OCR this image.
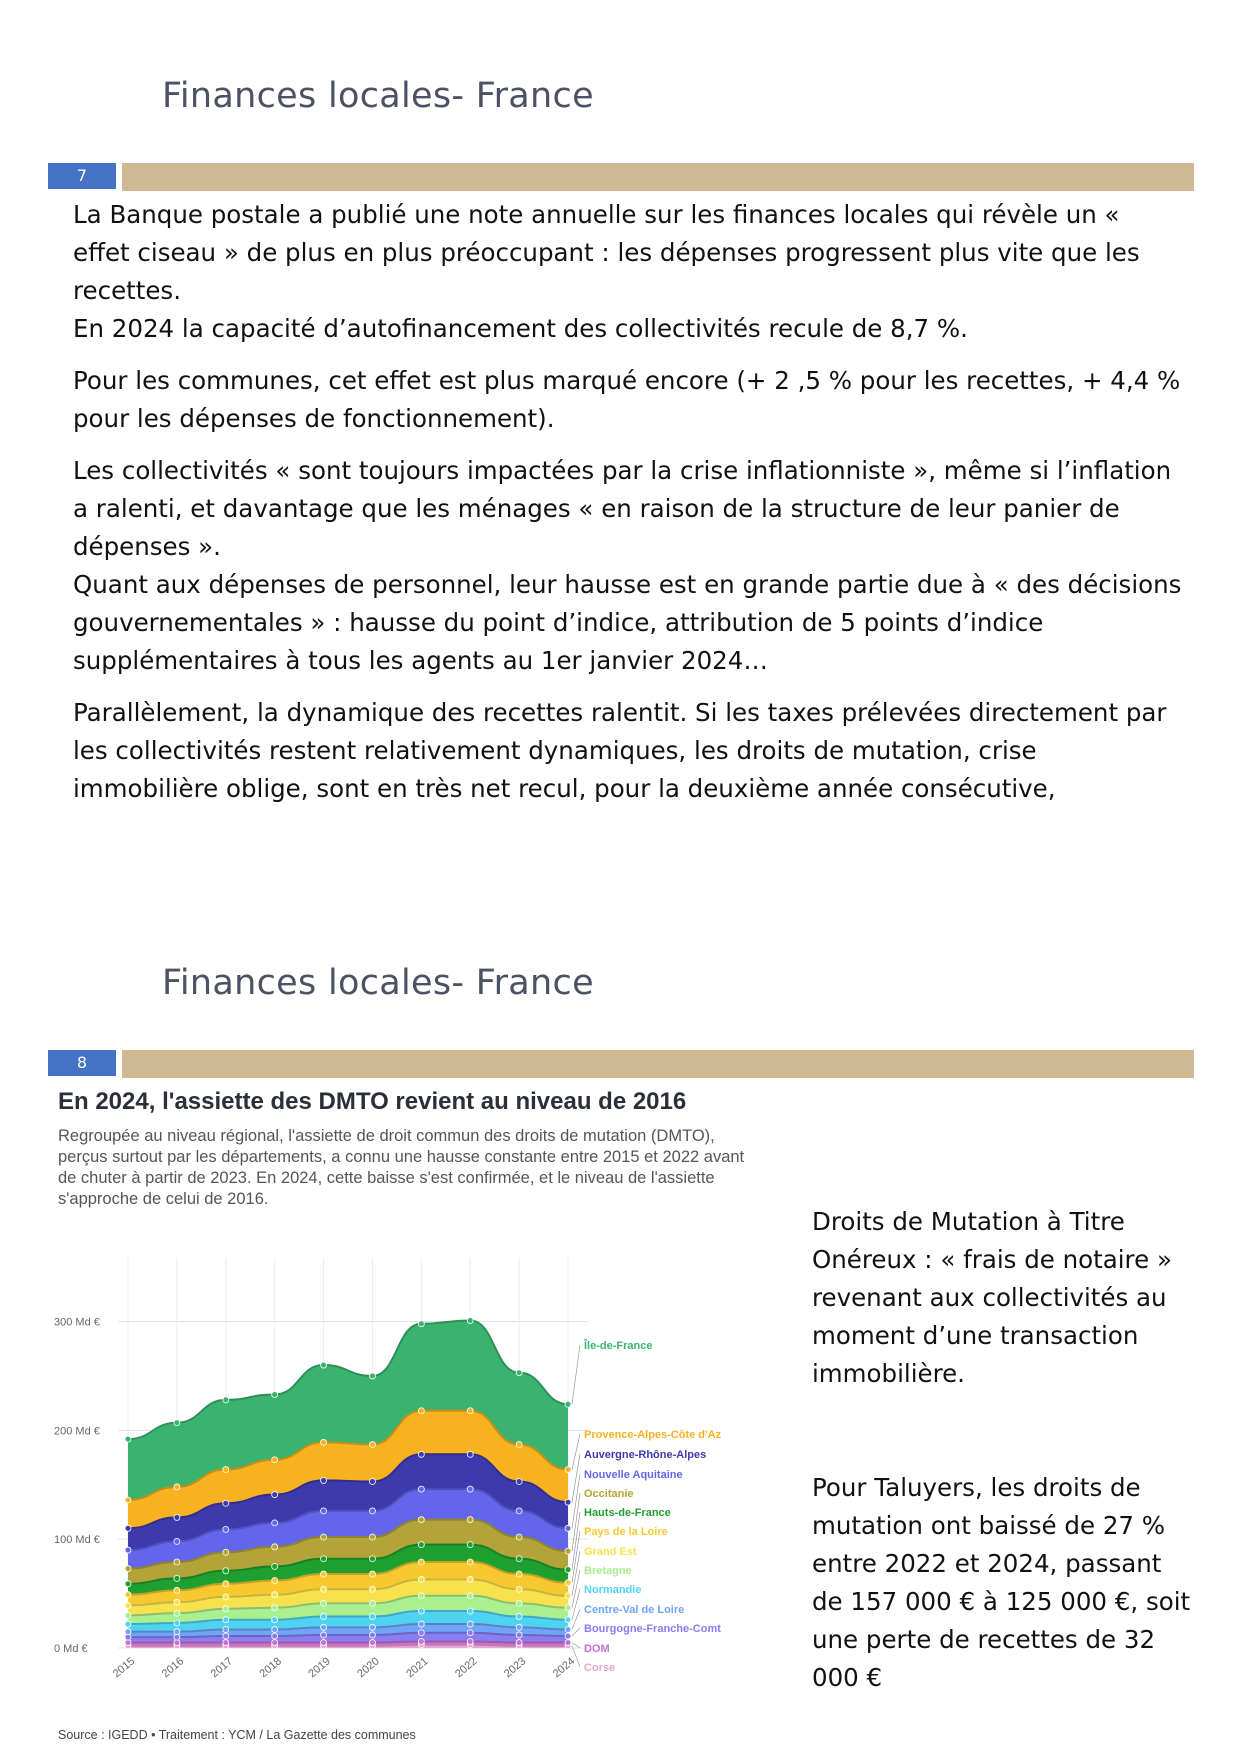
Finances locales- France
7

La Banque postale a publié une note annuelle sur les finances locales qui révèle un « effet ciseau » de plus en plus préoccupant : les dépenses progressent plus vite que les recettes.

En 2024 la capacité d’autofinancement des collectivités recule de 8,7 %.

Pour les communes, cet effet est plus marqué encore (+ 2 ,5 % pour les recettes, + 4,4 % pour les dépenses de fonctionnement).

Les collectivités « sont toujours impactées par la crise inflationniste », même si l’inflation a ralenti, et davantage que les ménages « en raison de la structure de leur panier de dépenses ».

Quant aux dépenses de personnel, leur hausse est en grande partie due à « des décisions gouvernementales » : hausse du point d’indice, attribution de 5 points d’indice supplémentaires à tous les agents au 1er janvier 2024…

Parallèlement, la dynamique des recettes ralentit. Si les taxes prélevées directement par les collectivités restent relativement dynamiques, les droits de mutation, crise immobilière oblige, sont en très net recul, pour la deuxième année consécutive,

Finances locales- France
8
En 2024, l'assiette des DMTO revient au niveau de 2016
Regroupée au niveau régional, l'assiette de droit commun des droits de mutation (DMTO), perçus surtout par les départements, a connu une hausse constante entre 2015 et 2022 avant de chuter à partir de 2023. En 2024, cette baisse s'est confirmée, et le niveau de l'assiette s'approche de celui de 2016.
0 Md €
100 Md €
200 Md €
300 Md €
2015 2016 2017 2018 2019 2020 2021 2022 2023 2024
Île-de-France
Provence-Alpes-Côte d'Az
Auvergne-Rhône-Alpes
Nouvelle Aquitaine
Occitanie
Hauts-de-France
Pays de la Loire
Grand Est
Bretagne
Normandie
Centre-Val de Loire
Bourgogne-Franche-Comt
DOM
Corse
Source : IGEDD • Traitement : YCM / La Gazette des communes

Droits de Mutation à Titre Onéreux : « frais de notaire » revenant aux collectivités au moment d’une transaction immobilière.

Pour Taluyers, les droits de mutation ont baissé de 27 % entre 2022 et 2024, passant de 157 000 € à 125 000 €, soit une perte de recettes de 32 000 €
